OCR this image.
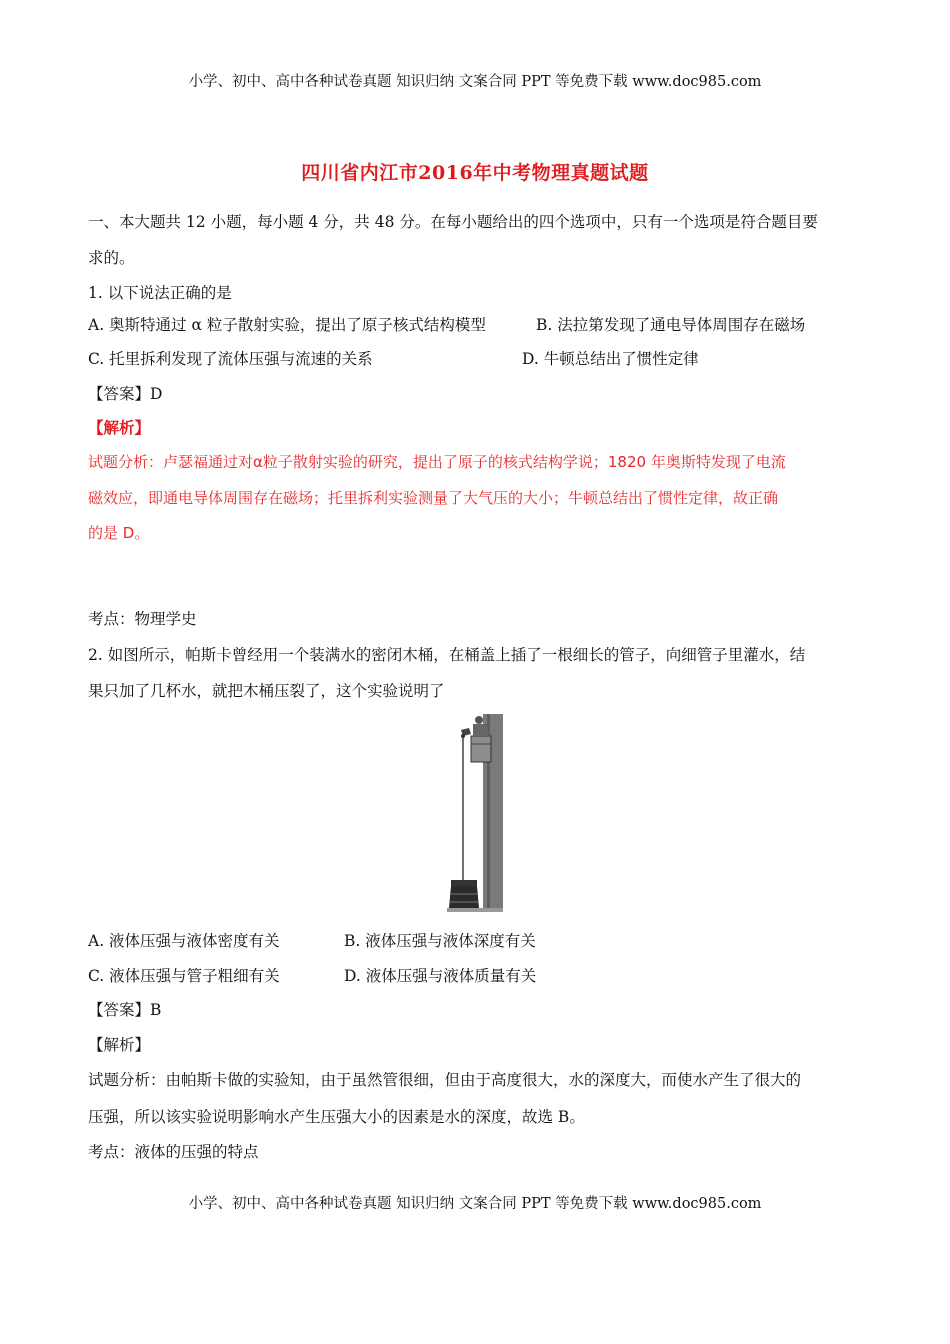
小学、初中、高中各种试卷真题 知识归纳 文案合同 PPT 等免费下载 www.doc985.com
四川省内江市2016年中考物理真题试题
一、本大题共 12 小题，每小题 4 分，共 48 分。在每小题给出的四个选项中，只有一个选项是符合题目要
求的。
1. 以下说法正确的是
A. 奥斯特通过 α 粒子散射实验，提出了原子核式结构模型	B. 法拉第发现了通电导体周围存在磁场
C. 托里拆利发现了流体压强与流速的关系	D. 牛顿总结出了惯性定律
【答案】D
【解析】
试题分析：卢瑟福通过对α粒子散射实验的研究，提出了原子的核式结构学说；1820 年奥斯特发现了电流
磁效应，即通电导体周围存在磁场；托里拆利实验测量了大气压的大小；牛顿总结出了惯性定律，故正确
的是 D。
考点：物理学史
2. 如图所示，帕斯卡曾经用一个装满水的密闭木桶，在桶盖上插了一根细长的管子，向细管子里灌水，结
果只加了几杯水，就把木桶压裂了，这个实验说明了
A. 液体压强与液体密度有关	B. 液体压强与液体深度有关
C. 液体压强与管子粗细有关	D. 液体压强与液体质量有关
【答案】B
【解析】
试题分析：由帕斯卡做的实验知，由于虽然管很细，但由于高度很大，水的深度大，而使水产生了很大的
压强，所以该实验说明影响水产生压强大小的因素是水的深度，故选 B。
考点：液体的压强的特点
小学、初中、高中各种试卷真题 知识归纳 文案合同 PPT 等免费下载 www.doc985.com
